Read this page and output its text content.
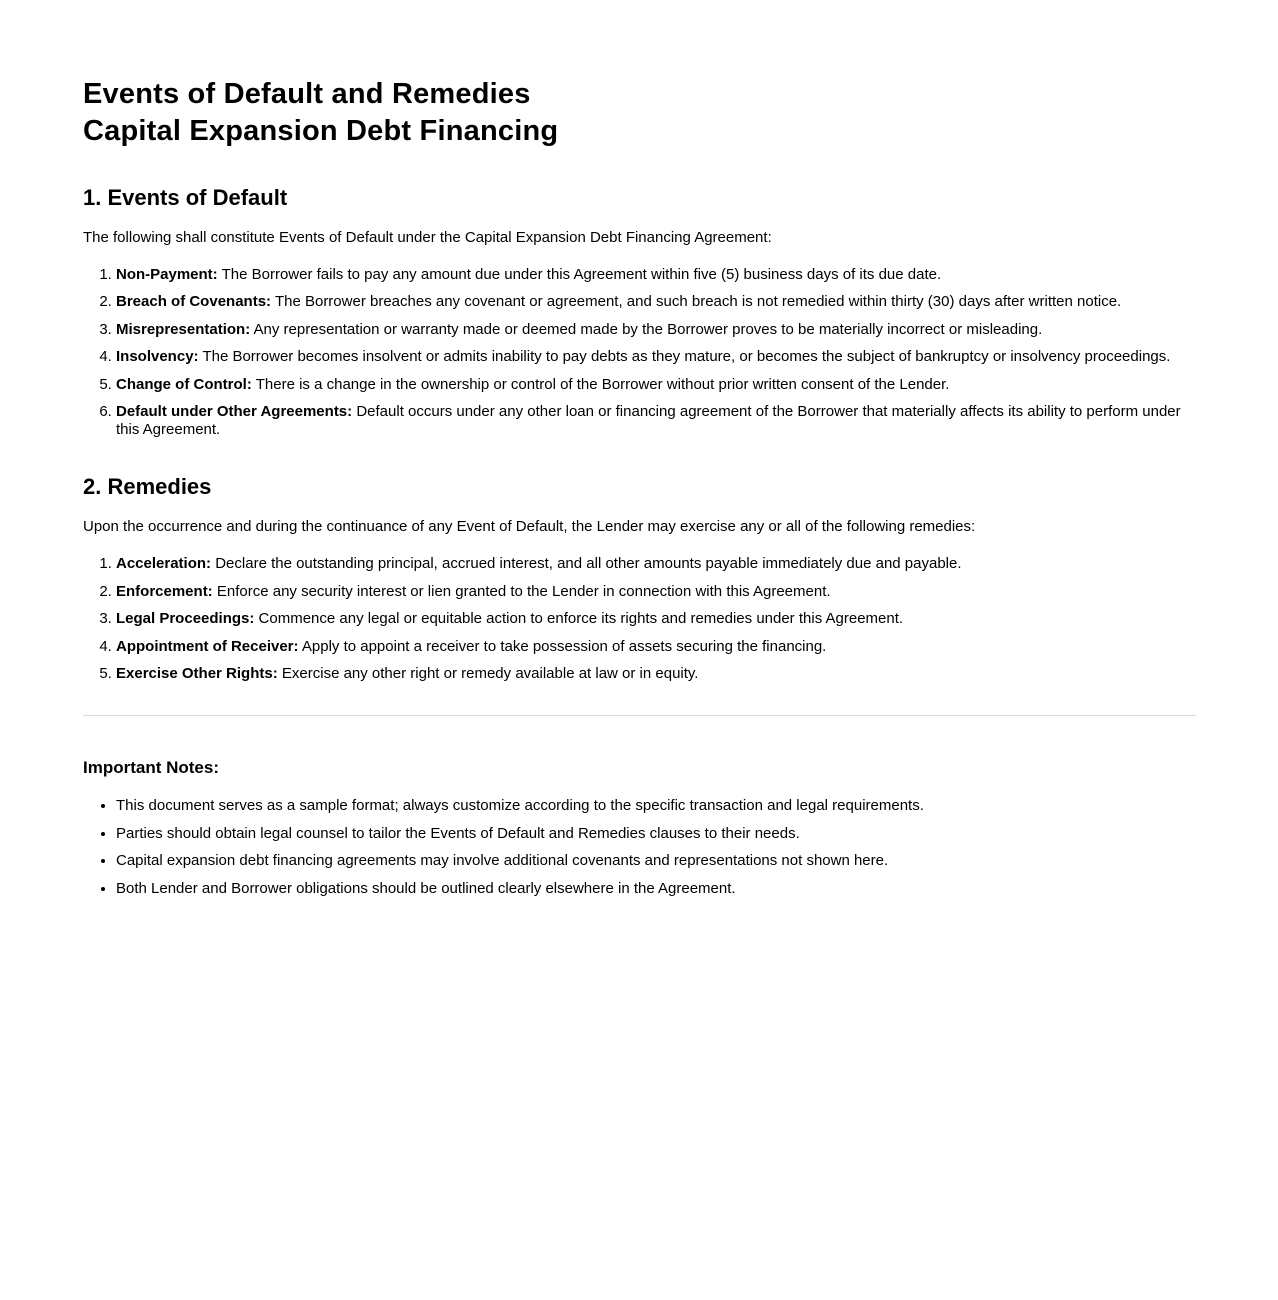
Events of Default and Remedies
Capital Expansion Debt Financing
1. Events of Default

The following shall constitute Events of Default under the Capital Expansion Debt Financing Agreement:

1. Non-Payment: The Borrower fails to pay any amount due under this Agreement within five (5) business days of its due date.
2. Breach of Covenants: The Borrower breaches any covenant or agreement, and such breach is not remedied within thirty (30) days after written notice.
3. Misrepresentation: Any representation or warranty made or deemed made by the Borrower proves to be materially incorrect or misleading.
4. Insolvency: The Borrower becomes insolvent or admits inability to pay debts as they mature, or becomes the subject of bankruptcy or insolvency proceedings.
5. Change of Control: There is a change in the ownership or control of the Borrower without prior written consent of the Lender.
6. Default under Other Agreements: Default occurs under any other loan or financing agreement of the Borrower that materially affects its ability to perform under this Agreement.
2. Remedies

Upon the occurrence and during the continuance of any Event of Default, the Lender may exercise any or all of the following remedies:

1. Acceleration: Declare the outstanding principal, accrued interest, and all other amounts payable immediately due and payable.
2. Enforcement: Enforce any security interest or lien granted to the Lender in connection with this Agreement.
3. Legal Proceedings: Commence any legal or equitable action to enforce its rights and remedies under this Agreement.
4. Appointment of Receiver: Apply to appoint a receiver to take possession of assets securing the financing.
5. Exercise Other Rights: Exercise any other right or remedy available at law or in equity.
Important Notes:
• This document serves as a sample format; always customize according to the specific transaction and legal requirements.
• Parties should obtain legal counsel to tailor the Events of Default and Remedies clauses to their needs.
• Capital expansion debt financing agreements may involve additional covenants and representations not shown here.
• Both Lender and Borrower obligations should be outlined clearly elsewhere in the Agreement.
